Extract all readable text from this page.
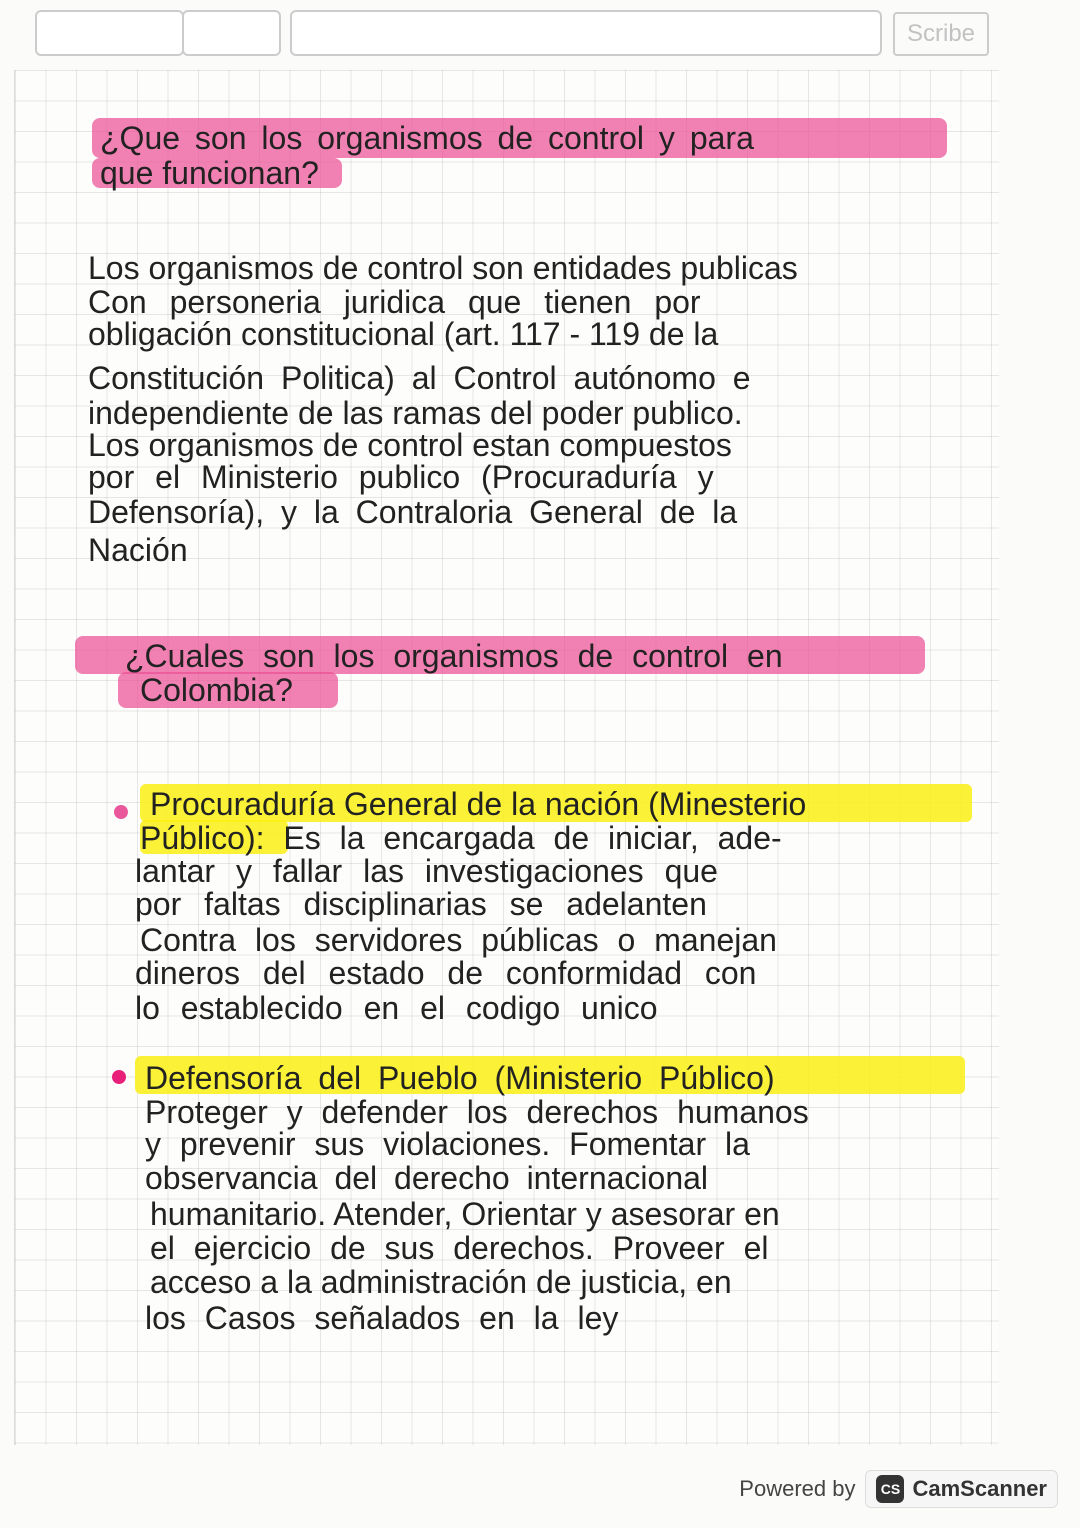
Scribe
¿Que son los organismos de control y para
que funcionan?
Los organismos de control son entidades publicas
Con personeria juridica que tienen por
obligación constitucional (art. 117 - 119 de la
Constitución Politica) al Control autónomo e
independiente de las ramas del poder publico.
Los organismos de control estan compuestos
por el Ministerio publico (Procuraduría y
Defensoría), y la Contraloria General de la
Nación
¿Cuales son los organismos de control en
Colombia?
Procuraduría General de la nación (Minesterio
Público): Es la encargada de iniciar, ade-
lantar y fallar las investigaciones que
por faltas disciplinarias se adelanten
Contra los servidores públicas o manejan
dineros del estado de conformidad con
lo establecido en el codigo unico
Defensoría del Pueblo (Ministerio Público)
Proteger y defender los derechos humanos
y prevenir sus violaciones. Fomentar la
observancia del derecho internacional
humanitario. Atender, Orientar y asesorar en
el ejercicio de sus derechos. Proveer el
acceso a la administración de justicia, en
los Casos señalados en la ley
Powered by	CS CamScanner
